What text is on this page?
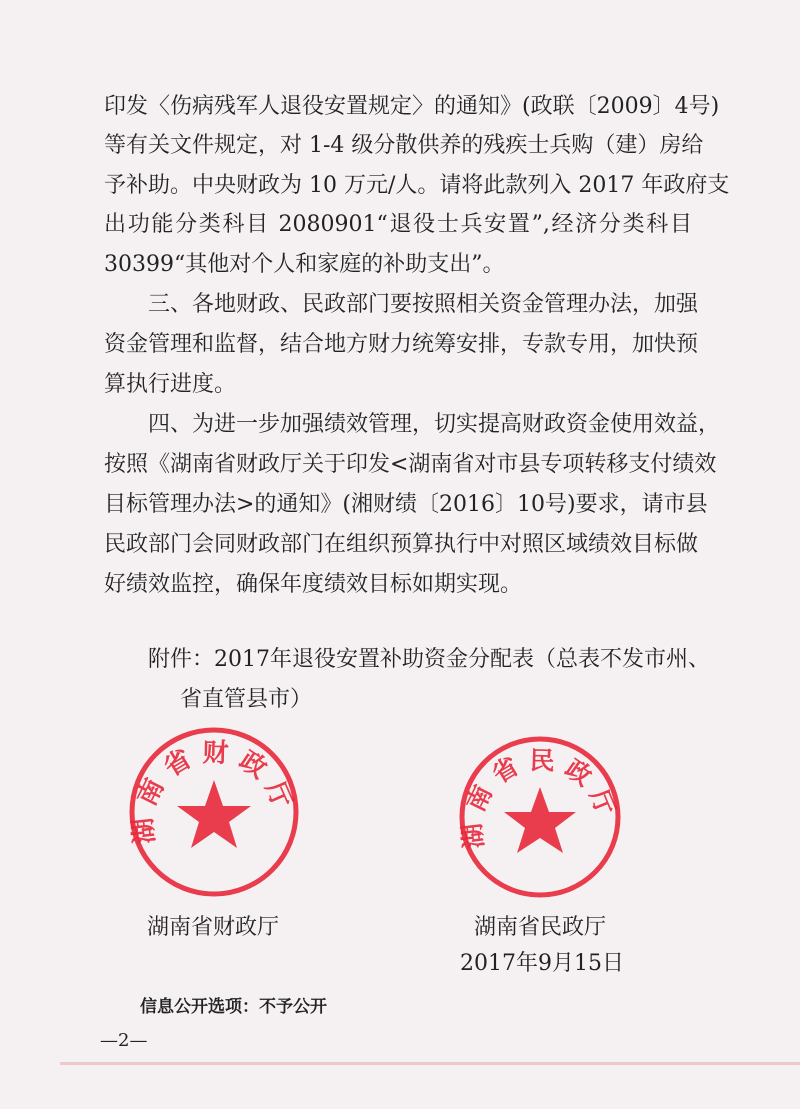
印发〈伤病残军人退役安置规定〉的通知》(政联〔2009〕4号)
等有关文件规定，对 1-4 级分散供养的残疾士兵购（建）房给
予补助。中央财政为 10 万元/人。请将此款列入 2017 年政府支
出功能分类科目 2080901“退役士兵安置”,经济分类科目
30399“其他对个人和家庭的补助支出”。
三、各地财政、民政部门要按照相关资金管理办法，加强
资金管理和监督，结合地方财力统筹安排，专款专用，加快预
算执行进度。
四、为进一步加强绩效管理，切实提高财政资金使用效益，
按照《湖南省财政厅关于印发<湖南省对市县专项转移支付绩效
目标管理办法>的通知》(湘财绩〔2016〕10号)要求，请市县
民政部门会同财政部门在组织预算执行中对照区域绩效目标做
好绩效监控，确保年度绩效目标如期实现。
附件：2017年退役安置补助资金分配表（总表不发市州、
省直管县市）
湖 南 省 财 政 厅
湖 南 省 民 政 厅
湖南省财政厅	湖南省民政厅
2017年9月15日
信息公开选项：不予公开
—2—
